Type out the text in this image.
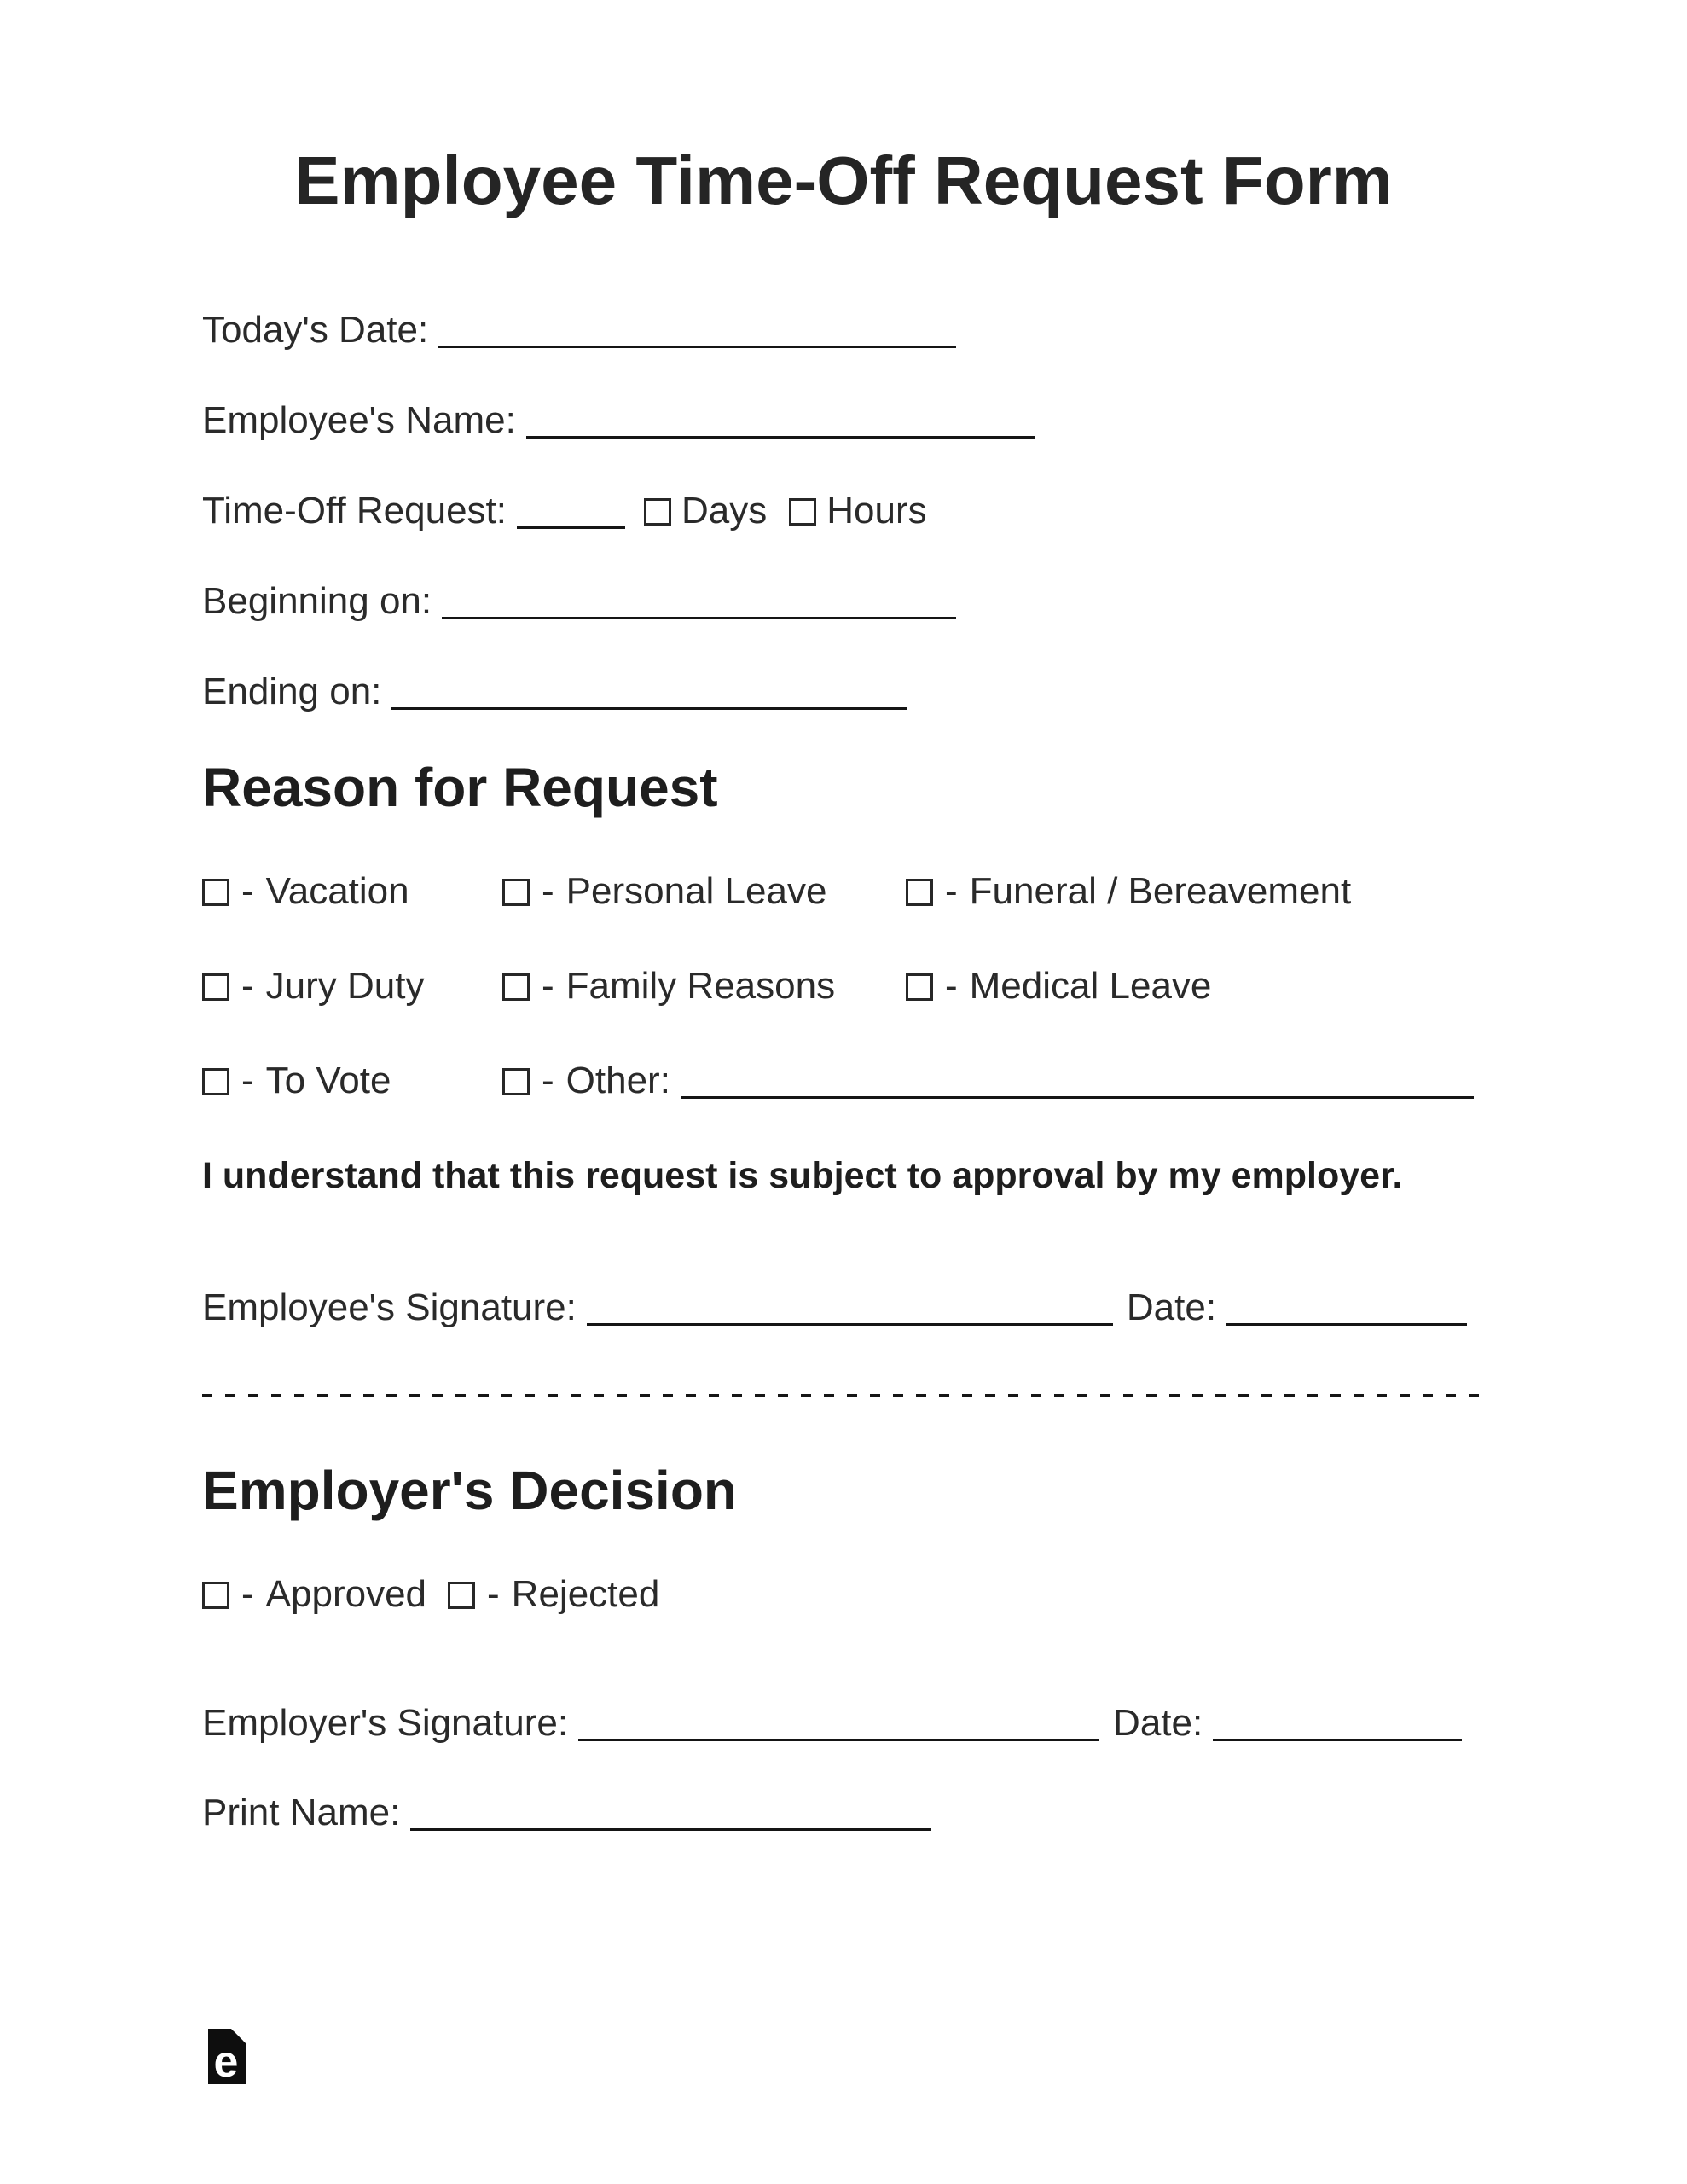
Employee Time-Off Request Form
Today's Date:
Employee's Name:
Time-Off Request:	Days Hours
Beginning on:
Ending on:
Reason for Request
- Vacation	- Personal Leave	- Funeral / Bereavement
- Jury Duty	- Family Reasons	- Medical Leave
- To Vote	- Other:
I understand that this request is subject to approval by my employer.
Employee's Signature:	Date:
Employer's Decision
- Approved - Rejected
Employer's Signature:	Date:
Print Name:
e
